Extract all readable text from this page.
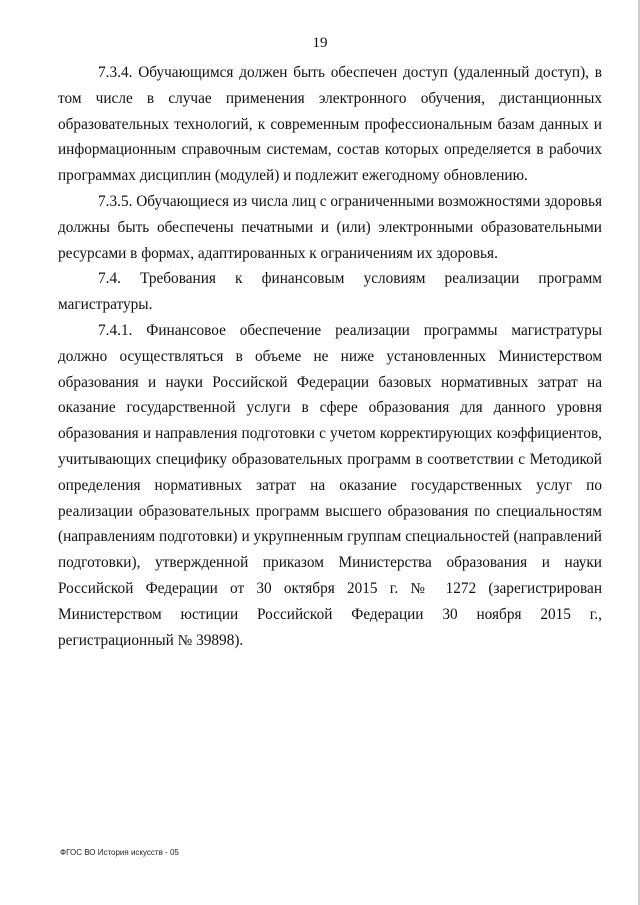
19

7.3.4. Обучающимся должен быть обеспечен доступ (удаленный доступ), в том числе в случае применения электронного обучения, дистанционных образовательных технологий, к современным профессиональным базам данных и информационным справочным системам, состав которых определяется в рабочих программах дисциплин (модулей) и подлежит ежегодному обновлению.

7.3.5. Обучающиеся из числа лиц с ограниченными возможностями здоровья должны быть обеспечены печатными и (или) электронными образовательными ресурсами в формах, адаптированных к ограничениям их здоровья.

7.4. Требования к финансовым условиям реализации программ магистратуры.

7.4.1. Финансовое обеспечение реализации программы магистратуры должно осуществляться в объеме не ниже установленных Министерством образования и науки Российской Федерации базовых нормативных затрат на оказание государственной услуги в сфере образования для данного уровня образования и направления подготовки с учетом корректирующих коэффициентов, учитывающих специфику образовательных программ в соответствии с Методикой определения нормативных затрат на оказание государственных услуг по реализации образовательных программ высшего образования по специальностям (направлениям подготовки) и укрупненным группам специальностей (направлений подготовки), утвержденной приказом Министерства образования и науки Российской Федерации от 30 октября 2015 г. № 1272 (зарегистрирован Министерством юстиции Российской Федерации 30 ноября 2015 г., регистрационный № 39898).

ФГОС ВО История искусств - 05
